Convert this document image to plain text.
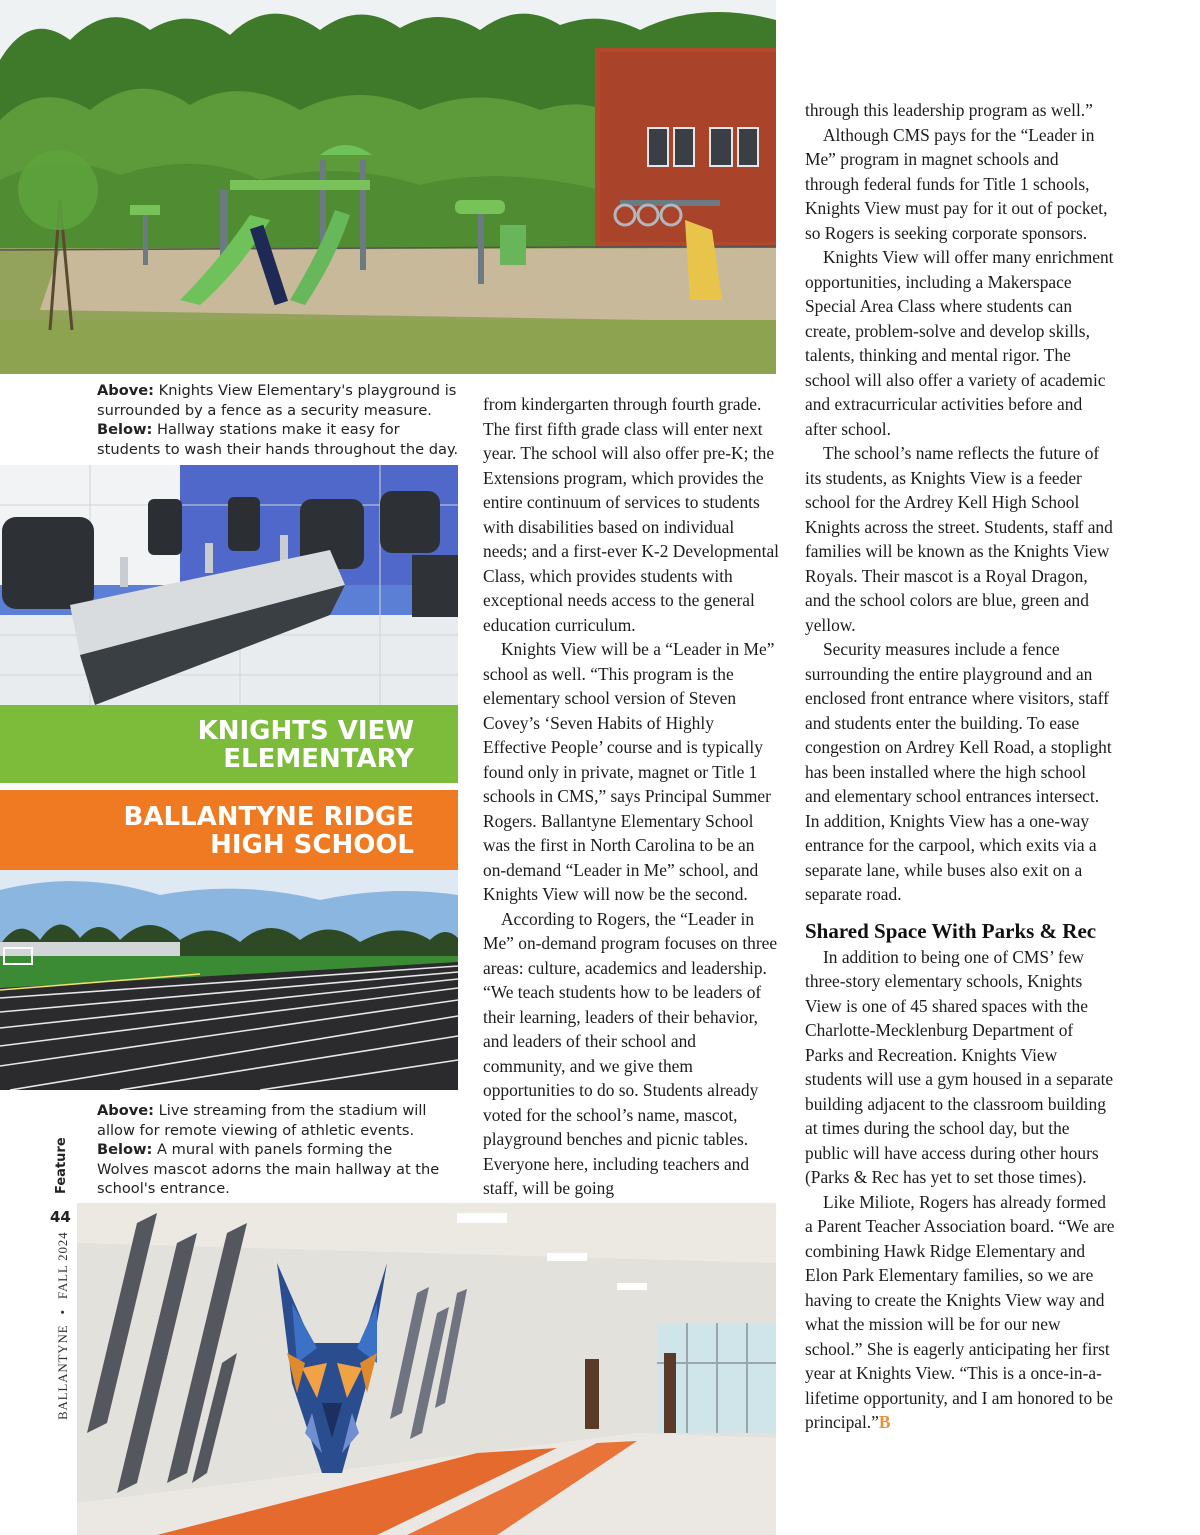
Above: Knights View Elementary's playground is surrounded by a fence as a security measure.

Below: Hallway stations make it easy for students to wash their hands throughout the day.

KNIGHTS VIEW
ELEMENTARY
BALLANTYNE RIDGE
HIGH SCHOOL

Above: Live streaming from the stadium will allow for remote viewing of athletic events.

Below: A mural with panels forming the Wolves mascot adorns the main hallway at the school's entrance.

Feature
44
BALLANTYNE • FALL 2024

from kindergarten through fourth grade. The first fifth grade class will enter next year. The school will also offer pre-K; the Extensions program, which provides the entire continuum of services to students with disabilities based on individual needs; and a first-ever K-2 Developmental Class, which provides students with exceptional needs access to the general education curriculum.

Knights View will be a “Leader in Me” school as well. “This program is the elementary school version of Steven Covey’s ‘Seven Habits of Highly Effective People’ course and is typically found only in private, magnet or Title 1 schools in CMS,” says Principal Summer Rogers. Ballantyne Elementary School was the first in North Carolina to be an on-demand “Leader in Me” school, and Knights View will now be the second.

According to Rogers, the “Leader in Me” on-demand program focuses on three areas: culture, academics and leadership. “We teach students how to be leaders of their learning, leaders of their behavior, and leaders of their school and community, and we give them opportunities to do so. Students already voted for the school’s name, mascot, playground benches and picnic tables. Everyone here, including teachers and staff, will be going

through this leadership program as well.”

Although CMS pays for the “Leader in Me” program in magnet schools and through federal funds for Title 1 schools, Knights View must pay for it out of pocket, so Rogers is seeking corporate sponsors.

Knights View will offer many enrichment opportunities, including a Makerspace Special Area Class where students can create, problem-solve and develop skills, talents, thinking and mental rigor. The school will also offer a variety of academic and extracurricular activities before and after school.

The school’s name reflects the future of its students, as Knights View is a feeder school for the Ardrey Kell High School Knights across the street. Students, staff and families will be known as the Knights View Royals. Their mascot is a Royal Dragon, and the school colors are blue, green and yellow.

Security measures include a fence surrounding the entire playground and an enclosed front entrance where visitors, staff and students enter the building. To ease congestion on Ardrey Kell Road, a stoplight has been installed where the high school and elementary school entrances intersect. In addition, Knights View has a one-way entrance for the carpool, which exits via a separate lane, while buses also exit on a separate road.

Shared Space With Parks & Rec

In addition to being one of CMS’ few three-story elementary schools, Knights View is one of 45 shared spaces with the Charlotte-Mecklenburg Department of Parks and Recreation. Knights View students will use a gym housed in a separate building adjacent to the classroom building at times during the school day, but the public will have access during other hours (Parks & Rec has yet to set those times).

Like Miliote, Rogers has already formed a Parent Teacher Association board. “We are combining Hawk Ridge Elementary and Elon Park Elementary families, so we are having to create the Knights View way and what the mission will be for our new school.” She is eagerly anticipating her first year at Knights View. “This is a once-in-a-lifetime opportunity, and I am honored to be principal.”B
